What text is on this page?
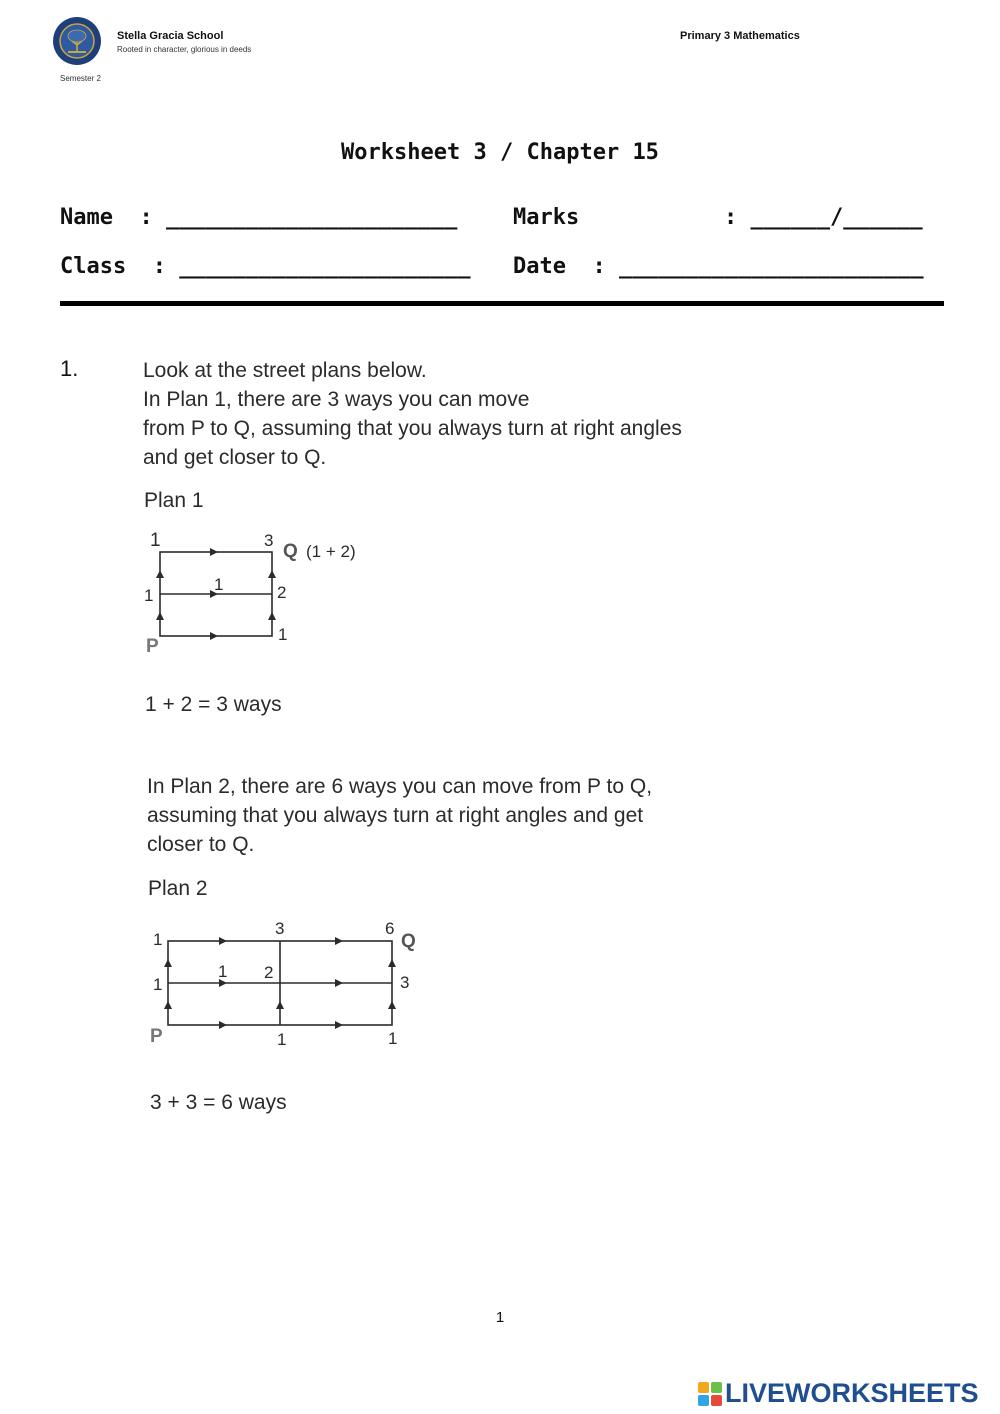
Stella Gracia School
Rooted in character, glorious in deeds
Semester 2
Primary 3 Mathematics
Worksheet 3 / Chapter 15
Name  : ______________________	Marks	: ______/______
Class  : ______________________ Date  : _______________________
1.	Look at the street plans below.
In Plan 1, there are 3 ways you can move
from P to Q, assuming that you always turn at right angles
and get closer to Q.
Plan 1
1	3
Q (1 + 2)
1
1	2
1
P
1 + 2 = 3 ways
In Plan 2, there are 6 ways you can move from P to Q,
assuming that you always turn at right angles and get
closer to Q.
Plan 2
1
3	6
Q
1
1 2
3
P	1	1
3 + 3 = 6 ways
1
LIVEWORKSHEETS
